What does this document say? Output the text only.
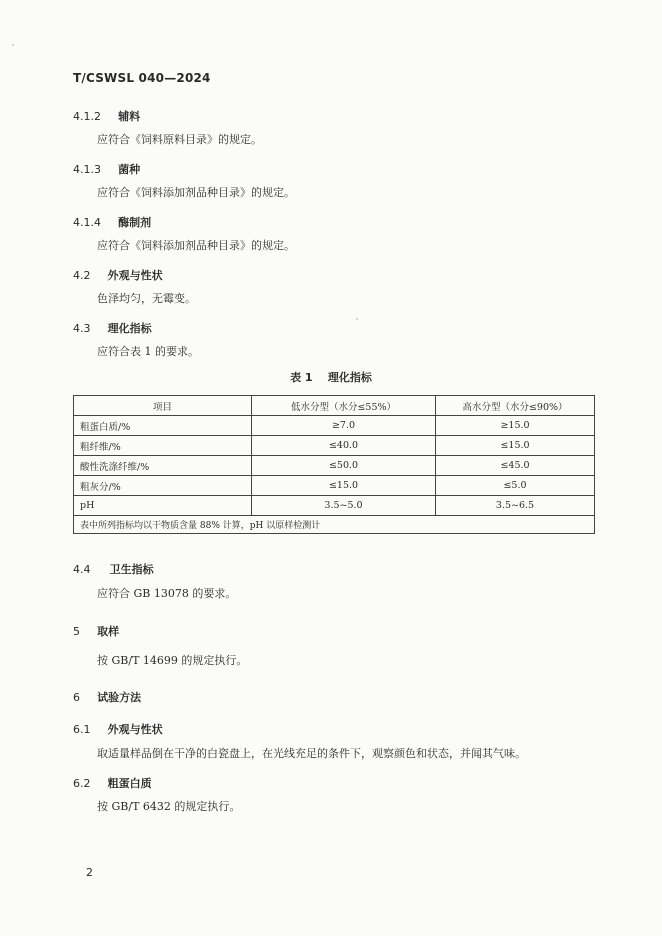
T/CSWSL 040—2024
4.1.2 辅料
应符合《饲料原料目录》的规定。
4.1.3 菌种
应符合《饲料添加剂品种目录》的规定。
4.1.4 酶制剂
应符合《饲料添加剂品种目录》的规定。
4.2 外观与性状
色泽均匀，无霉变。
4.3 理化指标
应符合表 1 的要求。
表 1    理化指标
项目	低水分型（水分≤55%）	高水分型（水分≤90%）
粗蛋白质/%	≥7.0	≥15.0
粗纤维/%	≤40.0	≤15.0
酸性洗涤纤维/%	≤50.0	≤45.0
粗灰分/%	≤15.0	≤5.0
pH	3.5~5.0	3.5~6.5
表中所列指标均以干物质含量 88% 计算，pH 以原样检测计		
4.4 卫生指标
应符合 GB 13078 的要求。
5 取样
按 GB/T 14699 的规定执行。
6 试验方法
6.1 外观与性状
取适量样品倒在干净的白瓷盘上，在光线充足的条件下，观察颜色和状态，并闻其气味。
6.2 粗蛋白质
按 GB/T 6432 的规定执行。
2
